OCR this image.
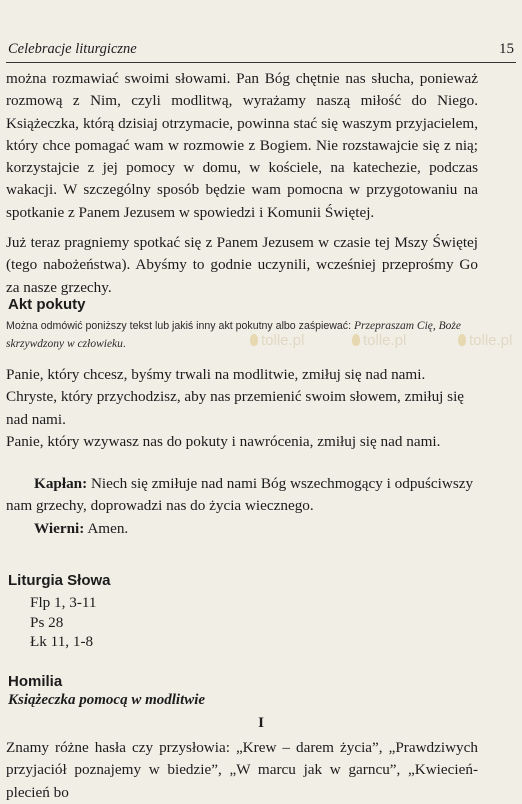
Celebracje liturgiczne	15
można rozmawiać swoimi słowami. Pan Bóg chętnie nas słucha, ponieważ rozmową z Nim, czyli modlitwą, wyrażamy naszą miłość do Niego. Książeczka, którą dzisiaj otrzymacie, powinna stać się waszym przyjacielem, który chce pomagać wam w rozmowie z Bogiem. Nie rozstawajcie się z nią; korzystajcie z jej pomocy w domu, w kościele, na katechezie, podczas wakacji. W szczególny sposób będzie wam pomocna w przygotowaniu na spotkanie z Panem Jezusem w spowiedzi i Komunii Świętej.
Już teraz pragniemy spotkać się z Panem Jezusem w czasie tej Mszy Świętej (tego nabożeństwa). Abyśmy to godnie uczynili, wcześniej przeprośmy Go za nasze grzechy.
Akt pokuty
Można odmówić poniższy tekst lub jakiś inny akt pokutny albo zaśpiewać: Przepraszam Cię, Boże skrzywdzony w człowieku.
Panie, który chcesz, byśmy trwali na modlitwie, zmiłuj się nad nami.
Chryste, który przychodzisz, aby nas przemienić swoim słowem, zmiłuj się
nad nami.
Panie, który wzywasz nas do pokuty i nawrócenia, zmiłuj się nad nami.
Kapłan: Niech się zmiłuje nad nami Bóg wszechmogący i odpuściwszy nam grzechy, doprowadzi nas do życia wiecznego.
Wierni: Amen.
Liturgia Słowa
Flp 1, 3-11
Ps 28
Łk 11, 1-8
Homilia
Książeczka pomocą w modlitwie
I
Znamy różne hasła czy przysłowia: „Krew – darem życia”, „Prawdziwych przyjaciół poznajemy w biedzie”, „W marcu jak w garncu”, „Kwiecień-plecień bo
tolle.pl	tolle.pl	tolle.pl
